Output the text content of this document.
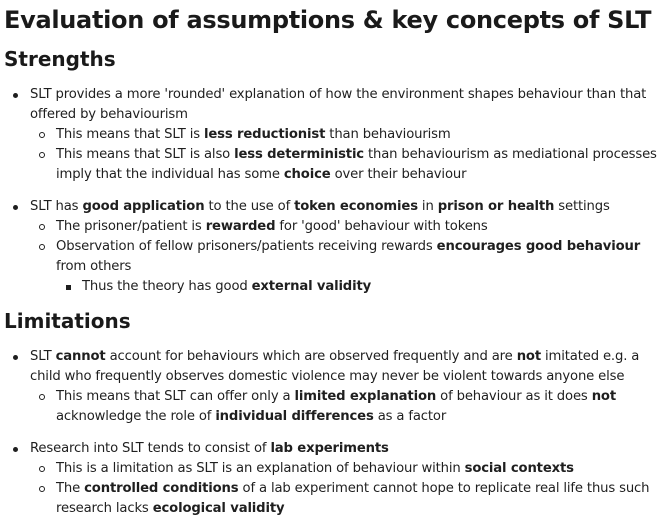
Evaluation of assumptions & key concepts of SLT
Strengths
SLT provides a more 'rounded' explanation of how the environment shapes behaviour than that offered by behaviourism
This means that SLT is less reductionist than behaviourism
This means that SLT is also less deterministic than behaviourism as mediational processes imply that the individual has some choice over their behaviour
SLT has good application to the use of token economies in prison or health settings
The prisoner/patient is rewarded for 'good' behaviour with tokens
Observation of fellow prisoners/patients receiving rewards encourages good behaviour from others
Thus the theory has good external validity
Limitations
SLT cannot account for behaviours which are observed frequently and are not imitated e.g. a child who frequently observes domestic violence may never be violent towards anyone else
This means that SLT can offer only a limited explanation of behaviour as it does not acknowledge the role of individual differences as a factor
Research into SLT tends to consist of lab experiments
This is a limitation as SLT is an explanation of behaviour within social contexts
The controlled conditions of a lab experiment cannot hope to replicate real life thus such research lacks ecological validity
